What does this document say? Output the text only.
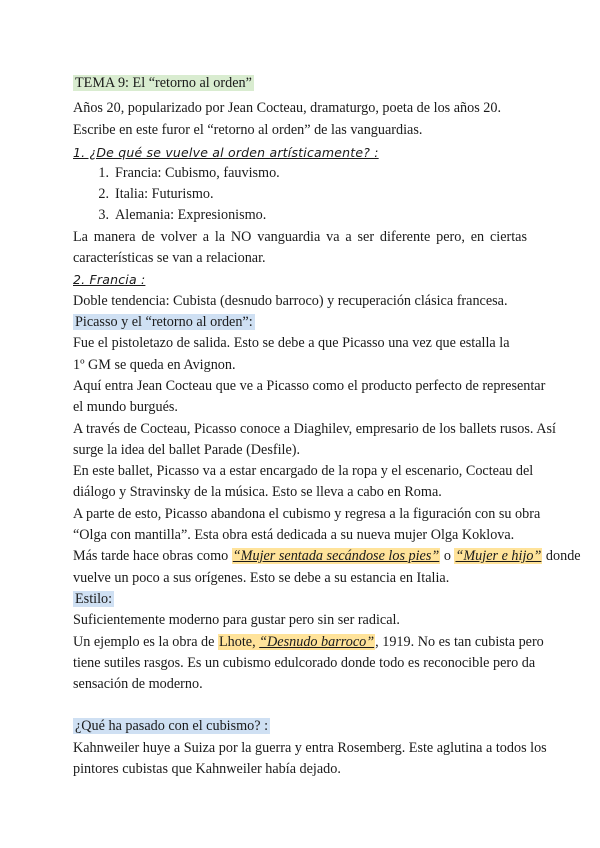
TEMA 9: El “retorno al orden”
Años 20, popularizado por Jean Cocteau, dramaturgo, poeta de los años 20.
Escribe en este furor el “retorno al orden” de las vanguardias.
1. ¿De qué se vuelve al orden artísticamente? :
1. Francia: Cubismo, fauvismo.
2. Italia: Futurismo.
3. Alemania: Expresionismo.
La manera de volver a la NO vanguardia va a ser diferente pero, en ciertas
características se van a relacionar.
2. Francia :
Doble tendencia: Cubista (desnudo barroco) y recuperación clásica francesa.
Picasso y el “retorno al orden”:
Fue el pistoletazo de salida. Esto se debe a que Picasso una vez que estalla la
1º GM se queda en Avignon.
Aquí entra Jean Cocteau que ve a Picasso como el producto perfecto de representar
el mundo burgués.
A través de Cocteau, Picasso conoce a Diaghilev, empresario de los ballets rusos. Así
surge la idea del ballet Parade (Desfile).
En este ballet, Picasso va a estar encargado de la ropa y el escenario, Cocteau del
diálogo y Stravinsky de la música. Esto se lleva a cabo en Roma.
A parte de esto, Picasso abandona el cubismo y regresa a la figuración con su obra
“Olga con mantilla”. Esta obra está dedicada a su nueva mujer Olga Koklova.
Más tarde hace obras como “Mujer sentada secándose los pies” o “Mujer e hijo” donde
vuelve un poco a sus orígenes. Esto se debe a su estancia en Italia.
Estilo:
Suficientemente moderno para gustar pero sin ser radical.
Un ejemplo es la obra de Lhote, “Desnudo barroco”, 1919. No es tan cubista pero
tiene sutiles rasgos. Es un cubismo edulcorado donde todo es reconocible pero da
sensación de moderno.
¿Qué ha pasado con el cubismo? :
Kahnweiler huye a Suiza por la guerra y entra Rosemberg. Este aglutina a todos los
pintores cubistas que Kahnweiler había dejado.
